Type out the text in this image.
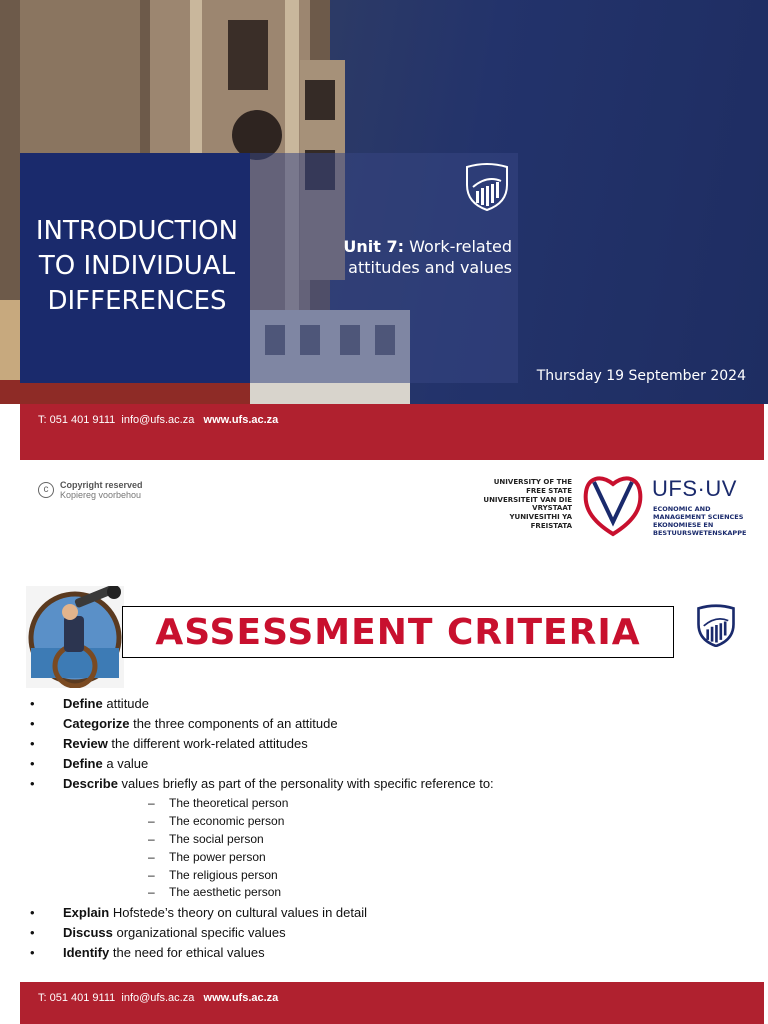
INTRODUCTION TO INDIVIDUAL DIFFERENCES
Unit 7: Work-related attitudes and values
Thursday 19 September 2024
T: 051 401 9111 info@ufs.ac.za www.ufs.ac.za
c	Copyright reserved
Kopiereg voorbehou
UNIVERSITY OF THE
FREE STATE
UNIVERSITEIT VAN DIE
VRYSTAAT
YUNIVESITHI YA
FREISTATA
UFS·UV
ECONOMIC AND
MANAGEMENT SCIENCES
EKONOMIESE EN
BESTUURSWETENSKAPPE
ASSESSMENT CRITERIA
• Define attitude
• Categorize the three components of an attitude
• Review the different work-related attitudes
• Define a value
• Describe values briefly as part of the personality with specific reference to:
– The theoretical person
– The economic person
– The social person
– The power person
– The religious person
– The aesthetic person
• Explain Hofstede’s theory on cultural values in detail
• Discuss organizational specific values
• Identify the need for ethical values
T: 051 401 9111 info@ufs.ac.za www.ufs.ac.za
